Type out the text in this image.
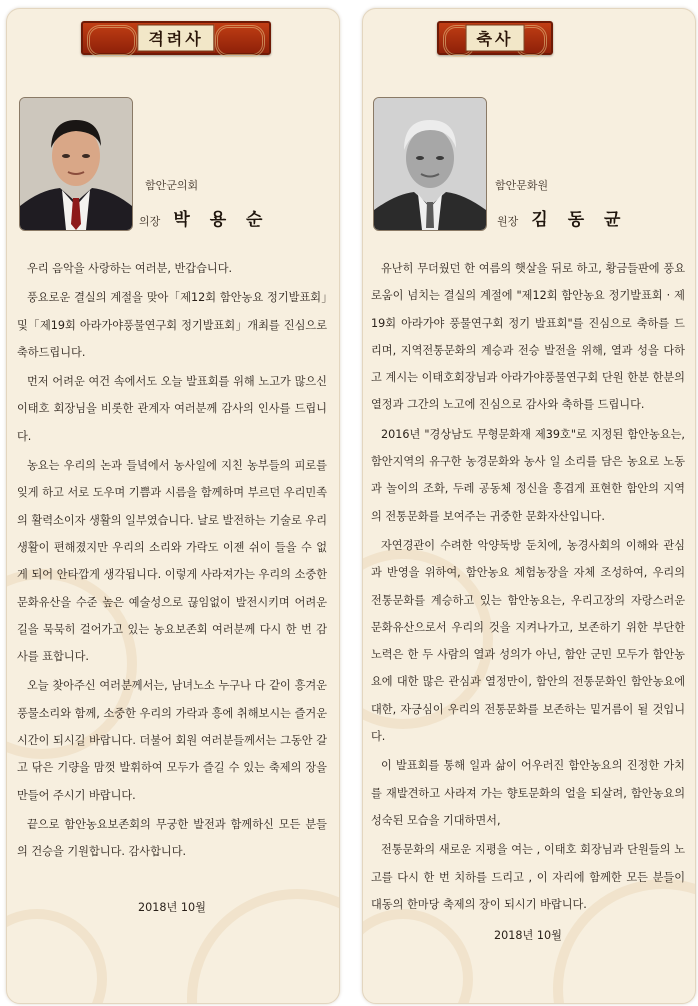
격려사
함안군의회
의장 박 용 순

우리 음악을 사랑하는 여러분, 반갑습니다.

풍요로운 결실의 계절을 맞아「제12회 함안농요 정기발표회」및「제19회 아라가야풍물연구회 정기발표회」개최를 진심으로 축하드립니다.

먼저 어려운 여건 속에서도 오늘 발표회를 위해 노고가 많으신 이태호 회장님을 비롯한 관계자 여러분께 감사의 인사를 드립니다.

농요는 우리의 논과 들녘에서 농사일에 지친 농부들의 피로를 잊게 하고 서로 도우며 기쁨과 시름을 함께하며 부르던 우리민족의 활력소이자 생활의 일부였습니다. 날로 발전하는 기술로 우리 생활이 편해졌지만 우리의 소리와 가락도 이젠 쉬이 들을 수 없게 되어 안타깝게 생각됩니다. 이렇게 사라져가는 우리의 소중한 문화유산을 수준 높은 예술성으로 끊임없이 발전시키며 어려운 길을 묵묵히 걸어가고 있는 농요보존회 여러분께 다시 한 번 감사를 표합니다.

오늘 찾아주신 여러분께서는, 남녀노소 누구나 다 같이 흥겨운 풍물소리와 함께, 소중한 우리의 가락과 흥에 취해보시는 즐거운 시간이 되시길 바랍니다. 더불어 회원 여러분들께서는 그동안 갈고 닦은 기량을 맘껏 발휘하여 모두가 즐길 수 있는 축제의 장을 만들어 주시기 바랍니다.

끝으로 함안농요보존회의 무궁한 발전과 함께하신 모든 분들의 건승을 기원합니다. 감사합니다.

2018년 10월
축사
함안문화원
원장 김 동 균

유난히 무더웠던 한 여름의 햇살을 뒤로 하고, 황금들판에 풍요로움이 넘치는 결실의 계절에 "제12회 함안농요 정기발표회 · 제19회 아라가야 풍물연구회 정기 발표회"를 진심으로 축하를 드리며, 지역전통문화의 계승과 전승 발전을 위해, 열과 성을 다하고 계시는 이태호회장님과 아라가야풍물연구회 단원 한분 한분의 열정과 그간의 노고에 진심으로 감사와 축하를 드립니다.

2016년 "경상남도 무형문화재 제39호"로 지정된 함안농요는, 함안지역의 유구한 농경문화와 농사 일 소리를 담은 농요로 노동과 놀이의 조화, 두레 공동체 정신을 흥겹게 표현한 함안의 지역의 전통문화를 보여주는 귀중한 문화자산입니다.

자연경관이 수려한 악양둑방 둔치에, 농경사회의 이해와 관심과 반영을 위하여, 함안농요 체험농장을 자체 조성하여, 우리의 전통문화를 계승하고 있는 함안농요는, 우리고장의 자랑스러운 문화유산으로서 우리의 것을 지켜나가고, 보존하기 위한 부단한 노력은 한 두 사람의 열과 성의가 아닌, 함안 군민 모두가 함안농요에 대한 많은 관심과 열정만이, 함안의 전통문화인 함안농요에 대한, 자긍심이 우리의 전통문화를 보존하는 밑거름이 될 것입니다.

이 발표회를 통해 일과 삶이 어우러진 함안농요의 진정한 가치를 재발견하고 사라져 가는 향토문화의 얼을 되살려, 함안농요의 성숙된 모습을 기대하면서,

전통문화의 새로운 지평을 여는 , 이태호 회장님과 단원들의 노고를 다시 한 번 치하를 드리고 , 이 자리에 함께한 모든 분들이 대동의 한마당 축제의 장이 되시기 바랍니다.

2018년 10월
